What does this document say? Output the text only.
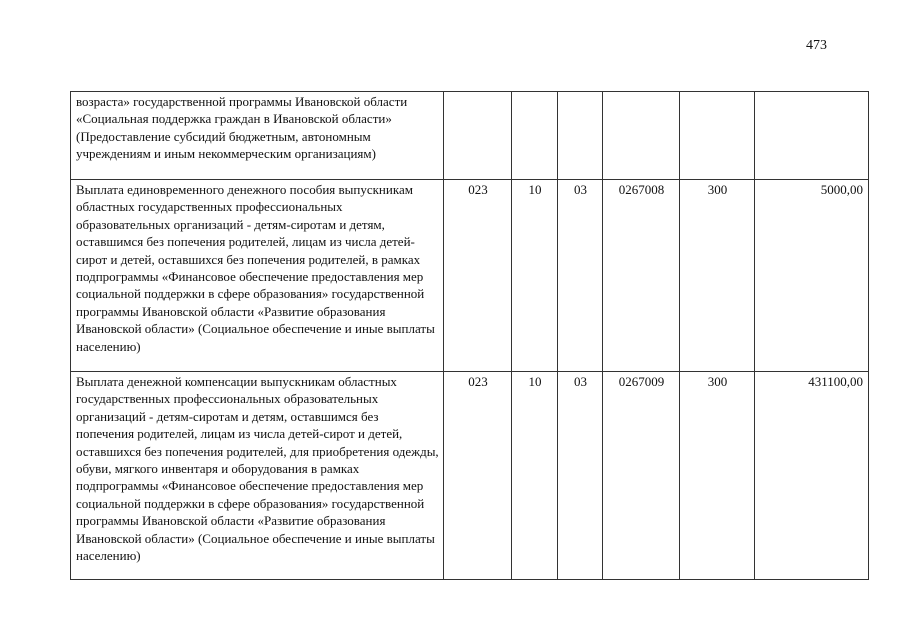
473
возраста» государственной программы Ивановской области «Социальная поддержка граждан в Ивановской области» (Предоставление субсидий бюджетным, автономным учреждениям и иным некоммерческим организациям)						
Выплата единовременного денежного пособия выпускникам областных государственных профессиональных образовательных организаций - детям-сиротам и детям, оставшимся без попечения родителей, лицам из числа детей-сирот и детей, оставшихся без попечения родителей, в рамках подпрограммы «Финансовое обеспечение предоставления мер социальной поддержки в сфере образования» государственной программы Ивановской области «Развитие образования Ивановской области» (Социальное обеспечение и иные выплаты населению)	023	10	03	0267008	300	5000,00
Выплата денежной компенсации выпускникам областных государственных профессиональных образовательных организаций - детям-сиротам и детям, оставшимся без попечения родителей, лицам из числа детей-сирот и детей, оставшихся без попечения родителей, для приобретения одежды, обуви, мягкого инвентаря и оборудования в рамках подпрограммы «Финансовое обеспечение предоставления мер социальной поддержки в сфере образования» государственной программы Ивановской области «Развитие образования Ивановской области» (Социальное обеспечение и иные выплаты населению)	023	10	03	0267009	300	431100,00
